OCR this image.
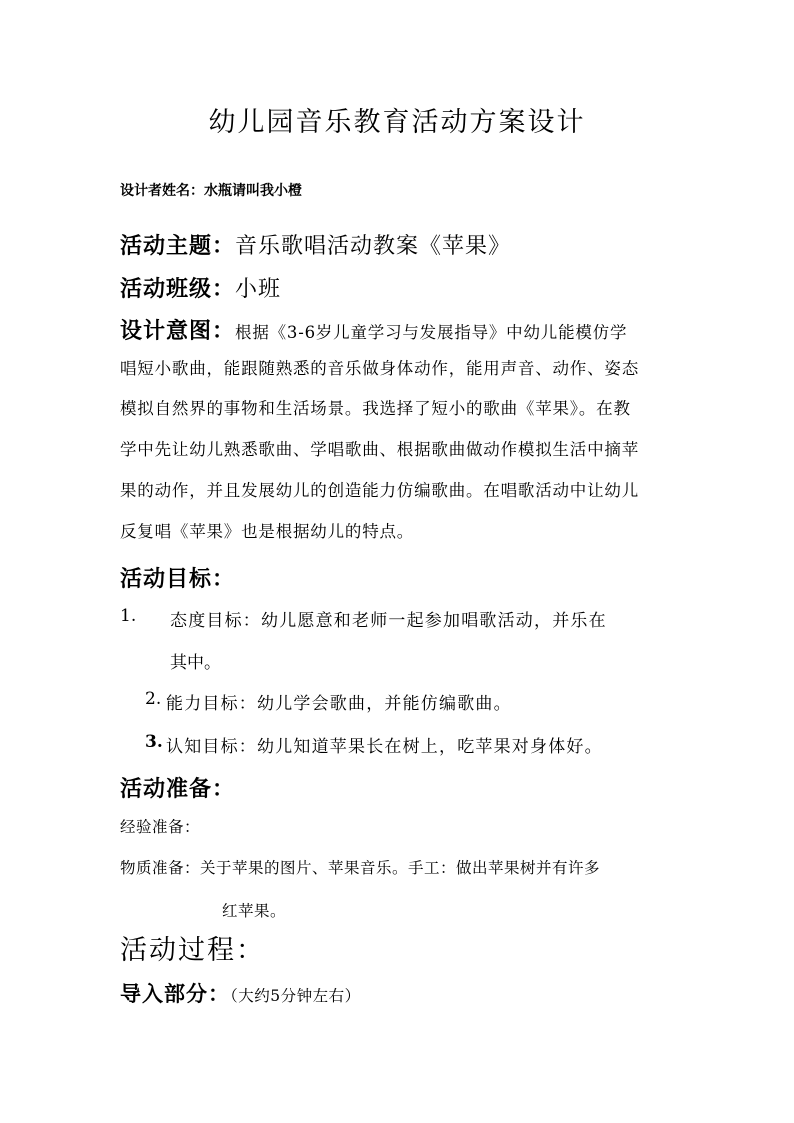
幼儿园音乐教育活动方案设计
设计者姓名：水瓶请叫我小橙
活动主题：音乐歌唱活动教案《苹果》
活动班级：小班
设计意图：根据《3-6岁儿童学习与发展指导》中幼儿能模仿学
唱短小歌曲，能跟随熟悉的音乐做身体动作，能用声音、动作、姿态
模拟自然界的事物和生活场景。我选择了短小的歌曲《苹果》。在教
学中先让幼儿熟悉歌曲、学唱歌曲、根据歌曲做动作模拟生活中摘苹
果的动作，并且发展幼儿的创造能力仿编歌曲。在唱歌活动中让幼儿
反复唱《苹果》也是根据幼儿的特点。
活动目标：
1. 态度目标：幼儿愿意和老师一起参加唱歌活动，并乐在
其中。
2. 能力目标：幼儿学会歌曲，并能仿编歌曲。
3. 认知目标：幼儿知道苹果长在树上，吃苹果对身体好。
活动准备：
经验准备：
物质准备：关于苹果的图片、苹果音乐。手工：做出苹果树并有许多
红苹果。
活动过程：
导入部分：（大约5分钟左右）
